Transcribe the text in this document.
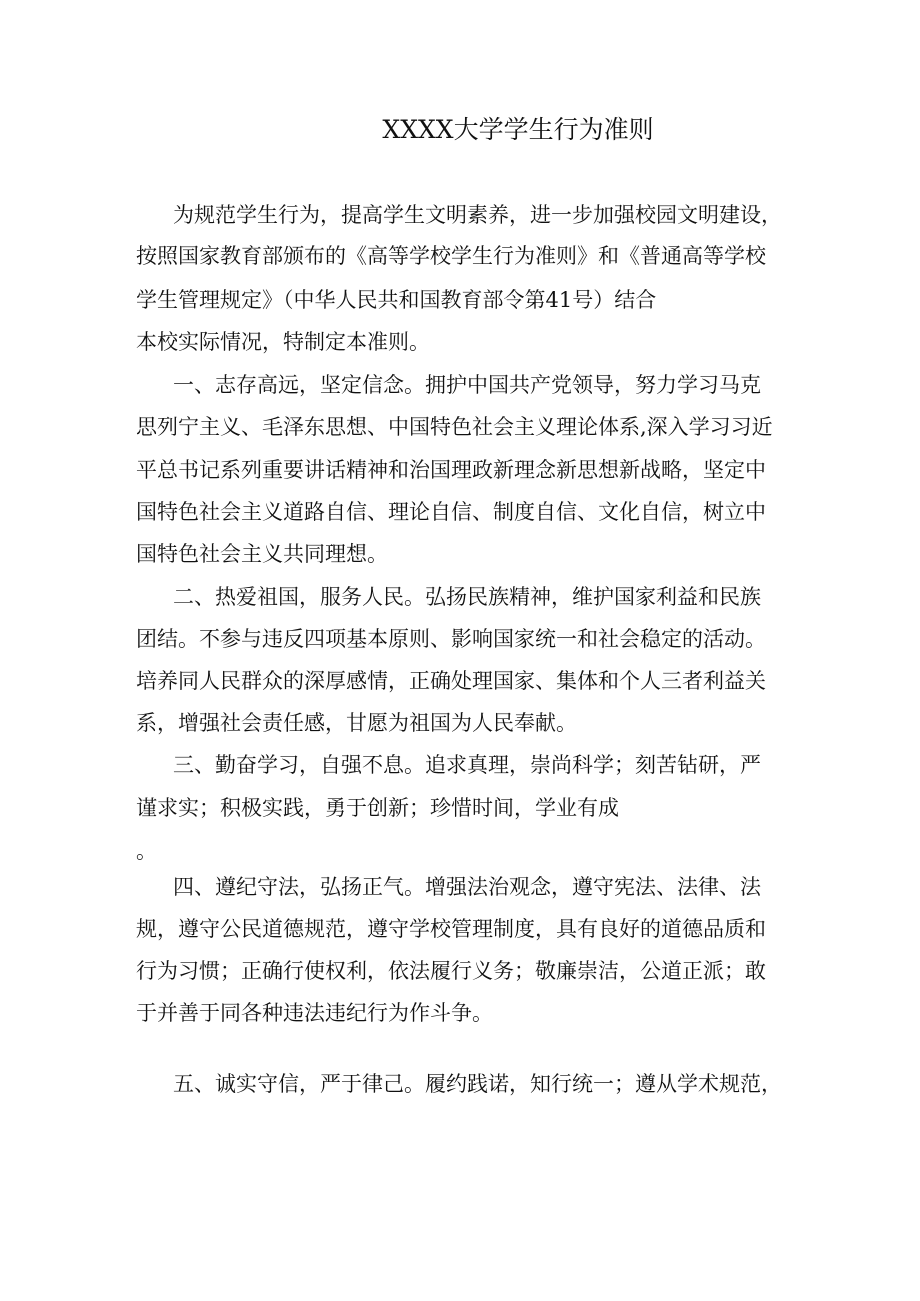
XXXX大学学生行为准则
为规范学生行为，提高学生文明素养，进一步加强校园文明建设，
按照国家教育部颁布的《高等学校学生行为准则》和《普通高等学校
学生管理规定》（中华人民共和国教育部令第41号）结合
本校实际情况，特制定本准则。
一、志存高远，坚定信念。拥护中国共产党领导，努力学习马克
思列宁主义、毛泽东思想、中国特色社会主义理论体系,深入学习习近
平总书记系列重要讲话精神和治国理政新理念新思想新战略，坚定中
国特色社会主义道路自信、理论自信、制度自信、文化自信，树立中
国特色社会主义共同理想。
二、热爱祖国，服务人民。弘扬民族精神，维护国家利益和民族
团结。不参与违反四项基本原则、影响国家统一和社会稳定的活动。
培养同人民群众的深厚感情，正确处理国家、集体和个人三者利益关
系，增强社会责任感，甘愿为祖国为人民奉献。
三、勤奋学习，自强不息。追求真理，崇尚科学；刻苦钻研，严
谨求实；积极实践，勇于创新；珍惜时间，学业有成
。
四、遵纪守法，弘扬正气。增强法治观念，遵守宪法、法律、法
规，遵守公民道德规范，遵守学校管理制度，具有良好的道德品质和
行为习惯；正确行使权利，依法履行义务；敬廉崇洁，公道正派；敢
于并善于同各种违法违纪行为作斗争。
五、诚实守信，严于律己。履约践诺，知行统一；遵从学术规范，
